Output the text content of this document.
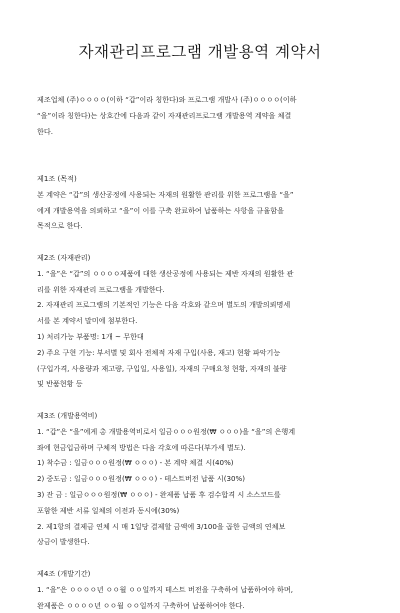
자재관리프로그램 개발용역 계약서
제조업체 (주)ㅇㅇㅇㅇ(이하 “갑”이라 칭한다)와 프로그램 개발사 (주)ㅇㅇㅇㅇ(이하
“을”이라 칭한다)는 상호간에 다음과 같이 자재관리프로그램 개발용역 계약을 체결
한다.
제1조 (목적)
본 계약은 “갑”의 생산공정에 사용되는 자재의 원활한 관리를 위한 프로그램을 “을”
에게 개발용역을 의뢰하고 “을”이 이를 구축 완료하여 납품하는 사항을 규율함을
목적으로 한다.
제2조 (자재관리)
1. “을”은 “갑”의 ㅇㅇㅇㅇ제품에 대한 생산공정에 사용되는 제반 자재의 원활한 관
리를 위한 자재관리 프로그램을 개발한다.
2. 자재관리 프로그램의 기본적인 기능은 다음 각호와 같으며 별도의 개발의뢰명세
서를 본 계약서 말미에 첨부한다.
1) 처리가능 부품명: 1개 ~ 무한대
2) 주요 구현 기능: 부서별 및 회사 전체적 자재 구입(사용, 재고) 현황 파악기능
(구입가격, 사용량과 재고량, 구입일, 사용일), 자재의 구매요청 현황, 자재의 불량
및 반품현황 등
제3조 (개발용역비)
1. “갑”은 “을”에게 총 개발용역비로서 일금ㅇㅇㅇ원정(₩ ㅇㅇㅇ)을 “을”의 은행계
좌에 현금입금하며 구체적 방법은 다음 각호에 따른다(부가세 별도).
1) 착수금 : 일금ㅇㅇㅇ원정(₩ ㅇㅇㅇ) - 본 계약 체결 시(40%)
2) 중도금 : 일금ㅇㅇㅇ원정(₩ ㅇㅇㅇ) - 테스트버전 납품 시(30%)
3) 잔 금 : 일금ㅇㅇㅇ원정(₩ ㅇㅇㅇ) - 완제품 납품 후 검수합격 시 소스코드를
포함한 제반 서류 일체의 이전과 동시에(30%)
2. 제1항의 결제금 연체 시 매 1일당 결제할 금액에 3/100을 곱한 금액의 연체보
상금이 발생한다.
제4조 (개발기간)
1. “을”은 ㅇㅇㅇㅇ년 ㅇㅇ월 ㅇㅇ일까지 테스트 버전을 구축하여 납품하여야 하며,
완제품은 ㅇㅇㅇㅇ년 ㅇㅇ월 ㅇㅇ일까지 구축하여 납품하여야 한다.
